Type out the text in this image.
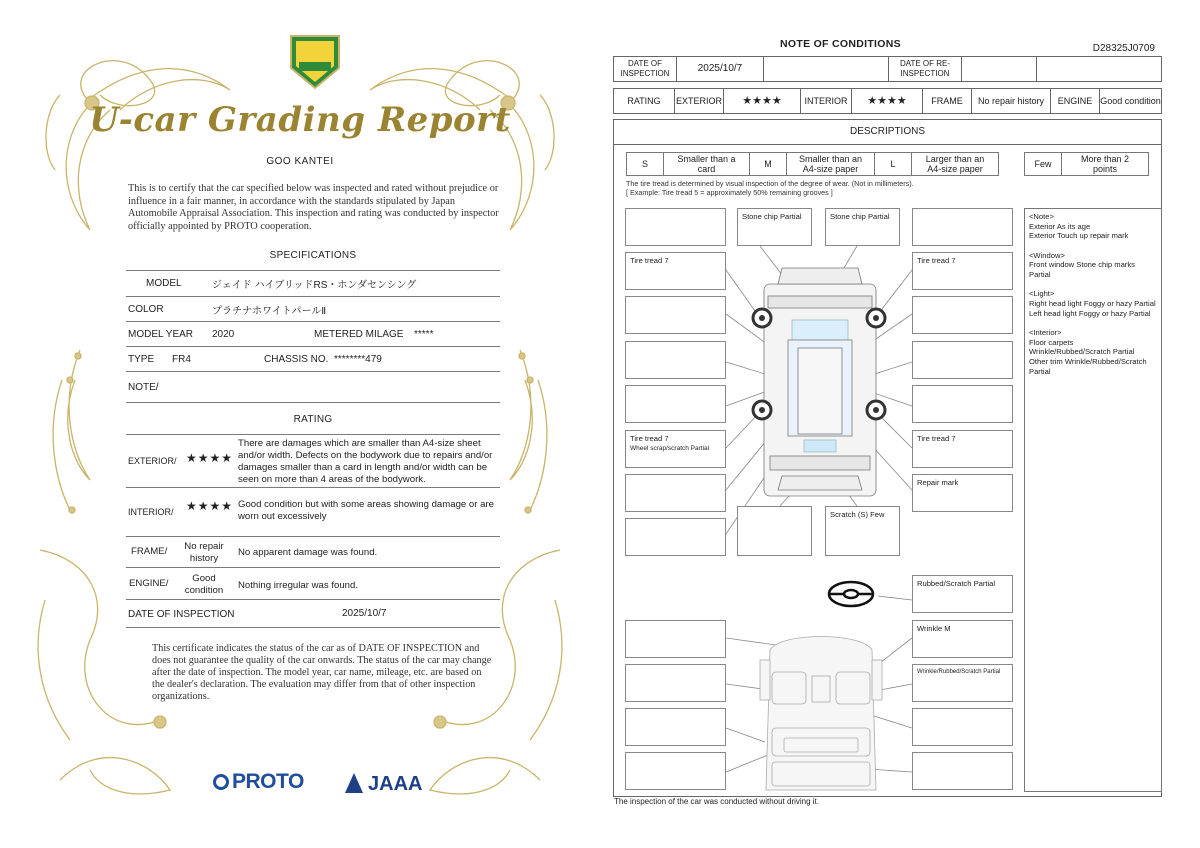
U-car Grading Report
GOO KANTEI
This is to certify that the car specified below was inspected and rated without prejudice or influence in a fair manner, in accordance with the standards stipulated by Japan Automobile Appraisal Association. This inspection and rating was conducted by inspector officially appointed by PROTO cooperation.
SPECIFICATIONS
MODEL	ジェイド ハイブリッドRS・ホンダセンシング
COLOR	プラチナホワイトパールⅡ
MODEL YEAR 2020	METERED MILAGE *****
TYPE FR4	CHASSIS NO. ********479
NOTE/
RATING
EXTERIOR/ ★★★★
There are damages which are smaller than A4-size sheet and/or width. Defects on the bodywork due to repairs and/or damages smaller than a card in length and/or width can be seen on more than 4 areas of the bodywork.
INTERIOR/ ★★★★ Good condition but with some areas showing damage or are worn out excessively
FRAME/	No repair history	No apparent damage was found.
ENGINE/	Good condition	Nothing irregular was found.
DATE OF INSPECTION	2025/10/7
This certificate indicates the status of the car as of DATE OF INSPECTION and does not guarantee the quality of the car onwards. The status of the car may change after the date of inspection. The model year, car name, mileage, etc. are based on the dealer's declaration. The evaluation may differ from that of other inspection organizations.
PROTO	JAAA
NOTE OF CONDITIONS	D28325J0709
DATE OF INSPECTION	2025/10/7	DATE OF RE-INSPECTION
RATING	EXTERIOR	★★★★	INTERIOR	★★★★	FRAME	No repair history	ENGINE Good condition
DESCRIPTIONS
S
Smaller than a card
M
Smaller than an A4-size paper
L
Larger than an A4-size paper
Few
More than 2 points
The tire tread is determined by visual inspection of the degree of wear. (Not in millimeters).
[ Example: Tire tread 5 = approximately 50% remaining grooves ]
Tire tread 7
Tire tread 7
Wheel scrap/scratch Partial
Stone chip Partial	Stone chip Partial
Scratch (S) Few
Tire tread 7
Tire tread 7
Repair mark
Rubbed/Scratch Partial
Wrinkle M
Wrinkle/Rubbed/Scratch Partial
<Note>
Exterior As its age
Exterior Touch up repair mark
<Window>
Front window Stone chip marks Partial
<Light>
Right head light Foggy or hazy Partial
Left head light Foggy or hazy Partial
<Interior>
Floor carpets Wrinkle/Rubbed/Scratch Partial
Other trim Wrinkle/Rubbed/Scratch Partial
The inspection of the car was conducted without driving it.
